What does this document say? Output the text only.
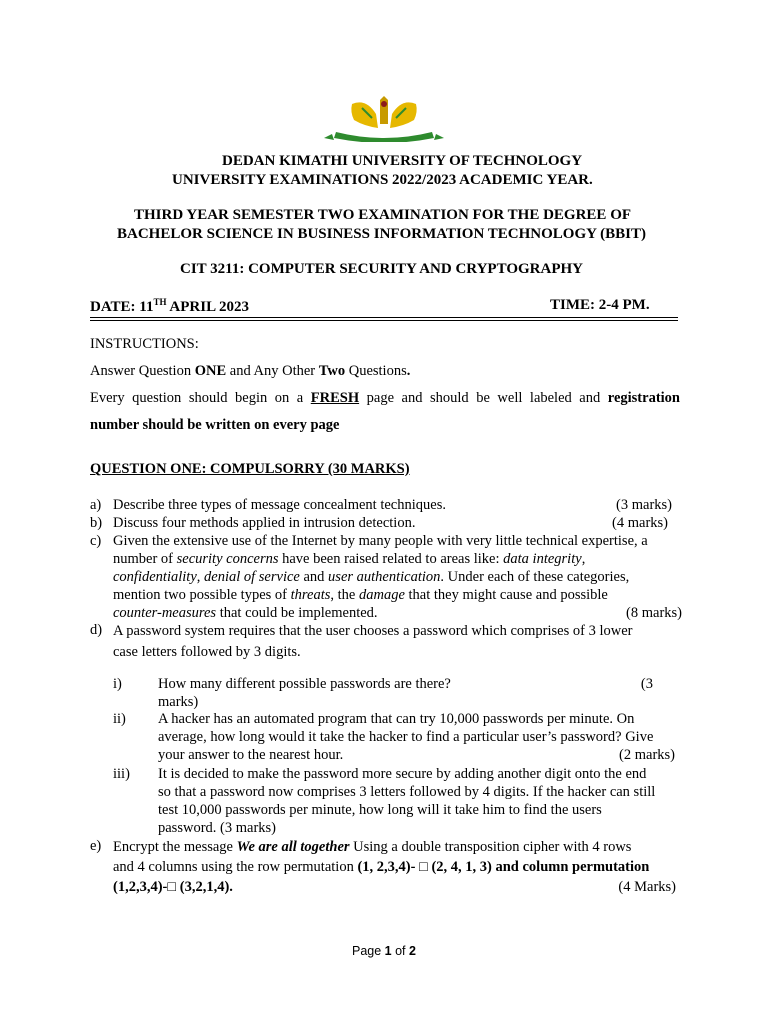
DEDAN KIMATHI UNIVERSITY OF TECHNOLOGY
UNIVERSITY EXAMINATIONS 2022/2023 ACADEMIC YEAR.
THIRD YEAR SEMESTER TWO EXAMINATION FOR THE DEGREE OF
BACHELOR SCIENCE IN BUSINESS INFORMATION TECHNOLOGY (BBIT)
CIT 3211: COMPUTER SECURITY AND CRYPTOGRAPHY
DATE: 11TH APRIL 2023	TIME: 2-4 PM.
INSTRUCTIONS:
Answer Question ONE and Any Other Two Questions.
Every question should begin on a FRESH page and should be well labeled and registration
number should be written on every page
QUESTION ONE: COMPULSORRY (30 MARKS)
a) Describe three types of message concealment techniques.	(3 marks)
b) Discuss four methods applied in intrusion detection.	(4 marks)
c) Given the extensive use of the Internet by many people with very little technical expertise, a
number of security concerns have been raised related to areas like: data integrity,
confidentiality, denial of service and user authentication. Under each of these categories,
mention two possible types of threats, the damage that they might cause and possible
counter-measures that could be implemented.	(8 marks)
d) A password system requires that the user chooses a password which comprises of 3 lower
case letters followed by 3 digits.
i) How many different possible passwords are there?	(3
marks)
ii) A hacker has an automated program that can try 10,000 passwords per minute. On
average, how long would it take the hacker to find a particular user’s password? Give
your answer to the nearest hour.	(2 marks)
iii) It is decided to make the password more secure by adding another digit onto the end
so that a password now comprises 3 letters followed by 4 digits. If the hacker can still
test 10,000 passwords per minute, how long will it take him to find the users
password. (3 marks)
e) Encrypt the message We are all together Using a double transposition cipher with 4 rows
and 4 columns using the row permutation (1, 2,3,4)- □ (2, 4, 1, 3) and column permutation
(1,2,3,4)-□ (3,2,1,4).	(4 Marks)
Page 1 of 2
